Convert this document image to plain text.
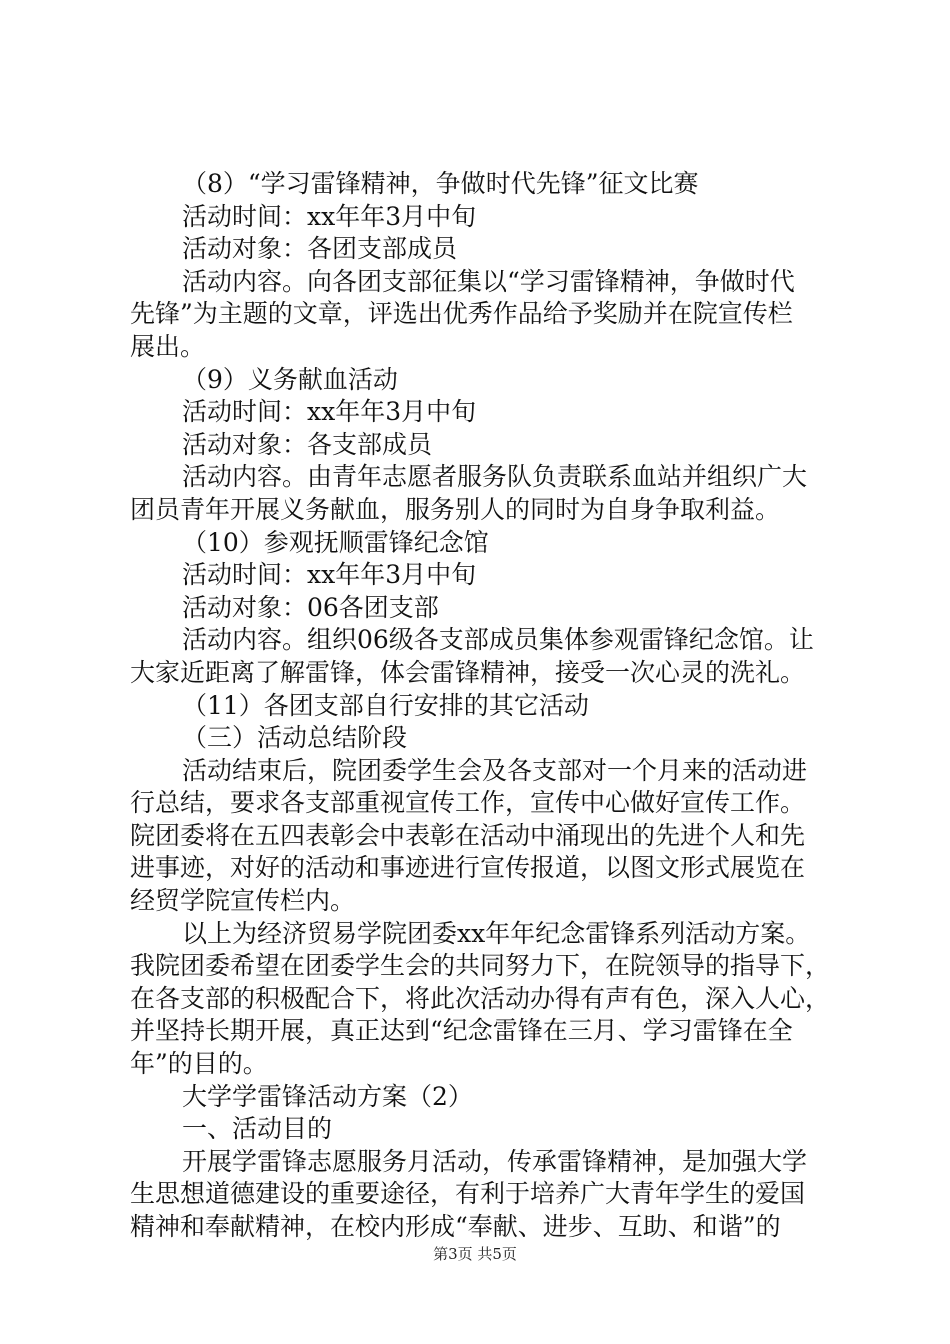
（8）“学习雷锋精神，争做时代先锋”征文比赛
活动时间：xx年年3月中旬
活动对象：各团支部成员
活动内容。向各团支部征集以“学习雷锋精神，争做时代
先锋”为主题的文章，评选出优秀作品给予奖励并在院宣传栏
展出。
（9）义务献血活动
活动时间：xx年年3月中旬
活动对象：各支部成员
活动内容。由青年志愿者服务队负责联系血站并组织广大
团员青年开展义务献血，服务别人的同时为自身争取利益。
（10）参观抚顺雷锋纪念馆
活动时间：xx年年3月中旬
活动对象：06各团支部
活动内容。组织06级各支部成员集体参观雷锋纪念馆。让
大家近距离了解雷锋，体会雷锋精神，接受一次心灵的洗礼。
（11）各团支部自行安排的其它活动
（三）活动总结阶段
活动结束后，院团委学生会及各支部对一个月来的活动进
行总结，要求各支部重视宣传工作，宣传中心做好宣传工作。
院团委将在五四表彰会中表彰在活动中涌现出的先进个人和先
进事迹，对好的活动和事迹进行宣传报道，以图文形式展览在
经贸学院宣传栏内。
以上为经济贸易学院团委xx年年纪念雷锋系列活动方案。
我院团委希望在团委学生会的共同努力下，在院领导的指导下，
在各支部的积极配合下，将此次活动办得有声有色，深入人心，
并坚持长期开展，真正达到“纪念雷锋在三月、学习雷锋在全
年”的目的。
大学学雷锋活动方案（2）
一、活动目的
开展学雷锋志愿服务月活动，传承雷锋精神，是加强大学
生思想道德建设的重要途径，有利于培养广大青年学生的爱国
精神和奉献精神，在校内形成“奉献、进步、互助、和谐”的
第3页 共5页
